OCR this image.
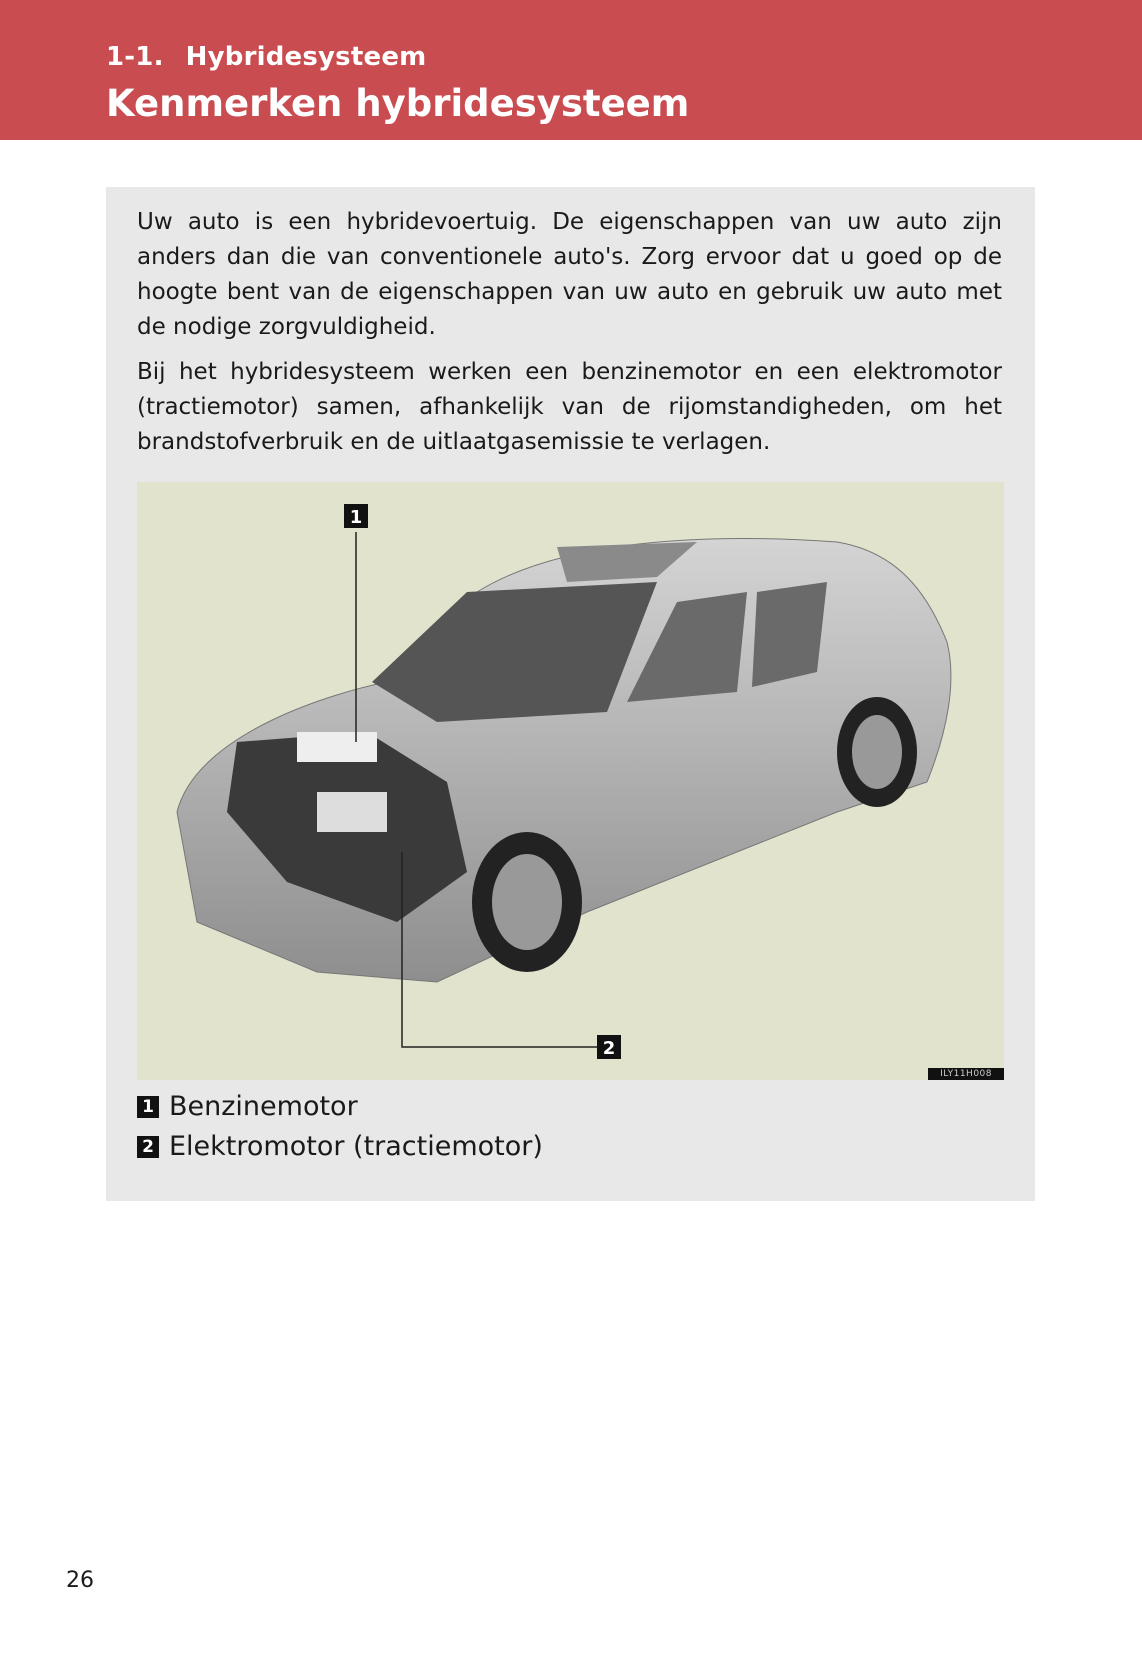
1-1. Hybridesysteem
Kenmerken hybridesysteem

Uw auto is een hybridevoertuig. De eigenschappen van uw auto zijn anders dan die van conventionele auto's. Zorg ervoor dat u goed op de hoogte bent van de eigenschappen van uw auto en gebruik uw auto met de nodige zorgvuldigheid.

Bij het hybridesysteem werken een benzinemotor en een elektromotor (tractiemotor) samen, afhankelijk van de rijomstandigheden, om het brandstofverbruik en de uitlaatgasemissie te verlagen.

1
2
ILY11H008
1 Benzinemotor
2 Elektromotor (tractiemotor)
26
